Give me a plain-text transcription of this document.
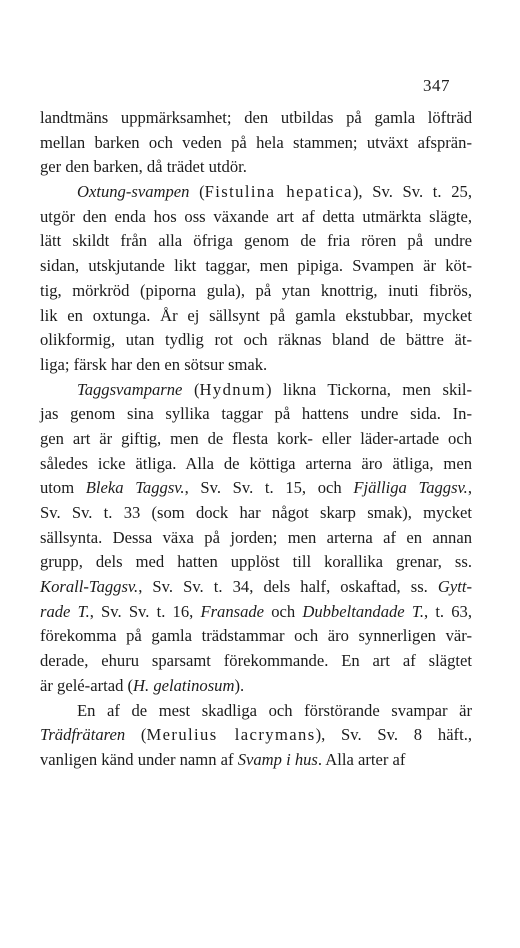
347
landtmäns uppmärksamhet; den utbildas på gamla löfträd
mellan barken och veden på hela stammen; utväxt afsprän-
ger den barken, då trädet utdör.
Oxtung-svampen (Fistulina hepatica), Sv. Sv. t. 25,
utgör den enda hos oss växande art af detta utmärkta slägte,
lätt skildt från alla öfriga genom de fria rören på undre
sidan, utskjutande likt taggar, men pipiga. Svampen är köt-
tig, mörkröd (piporna gula), på ytan knottrig, inuti fibrös,
lik en oxtunga. År ej sällsynt på gamla ekstubbar, mycket
olikformig, utan tydlig rot och räknas bland de bättre ät-
liga; färsk har den en sötsur smak.
Taggsvamparne (Hydnum) likna Tickorna, men skil-
jas genom sina syllika taggar på hattens undre sida. In-
gen art är giftig, men de flesta kork- eller läder-artade och
således icke ätliga. Alla de köttiga arterna äro ätliga, men
utom Bleka Taggsv., Sv. Sv. t. 15, och Fjälliga Taggsv.,
Sv. Sv. t. 33 (som dock har något skarp smak), mycket
sällsynta. Dessa växa på jorden; men arterna af en annan
grupp, dels med hatten upplöst till korallika grenar, ss.
Korall-Taggsv., Sv. Sv. t. 34, dels half, oskaftad, ss. Gytt-
rade T., Sv. Sv. t. 16, Fransade och Dubbeltandade T., t. 63,
förekomma på gamla trädstammar och äro synnerligen vär-
derade, ehuru sparsamt förekommande. En art af slägtet
är gelé-artad (H. gelatinosum).
En af de mest skadliga och förstörande svampar är
Trädfrätaren (Merulius lacrymans), Sv. Sv. 8 häft.,
vanligen känd under namn af Svamp i hus. Alla arter af
